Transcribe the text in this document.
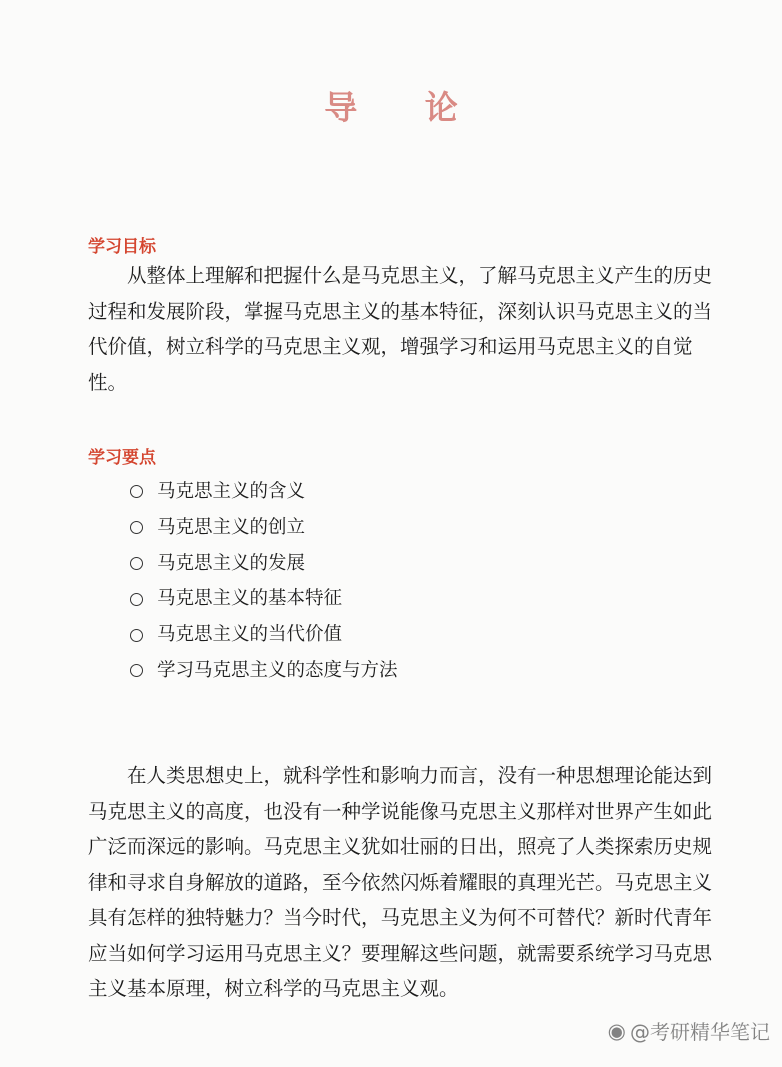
导 论
学习目标

从整体上理解和把握什么是马克思主义，了解马克思主义产生的历史过程和发展阶段，掌握马克思主义的基本特征，深刻认识马克思主义的当代价值，树立科学的马克思主义观，增强学习和运用马克思主义的自觉性。

学习要点
马克思主义的含义
马克思主义的创立
马克思主义的发展
马克思主义的基本特征
马克思主义的当代价值
学习马克思主义的态度与方法

在人类思想史上，就科学性和影响力而言，没有一种思想理论能达到马克思主义的高度，也没有一种学说能像马克思主义那样对世界产生如此广泛而深远的影响。马克思主义犹如壮丽的日出，照亮了人类探索历史规律和寻求自身解放的道路，至今依然闪烁着耀眼的真理光芒。马克思主义具有怎样的独特魅力？当今时代，马克思主义为何不可替代？新时代青年应当如何学习运用马克思主义？要理解这些问题，就需要系统学习马克思主义基本原理，树立科学的马克思主义观。

◉ @考研精华笔记
